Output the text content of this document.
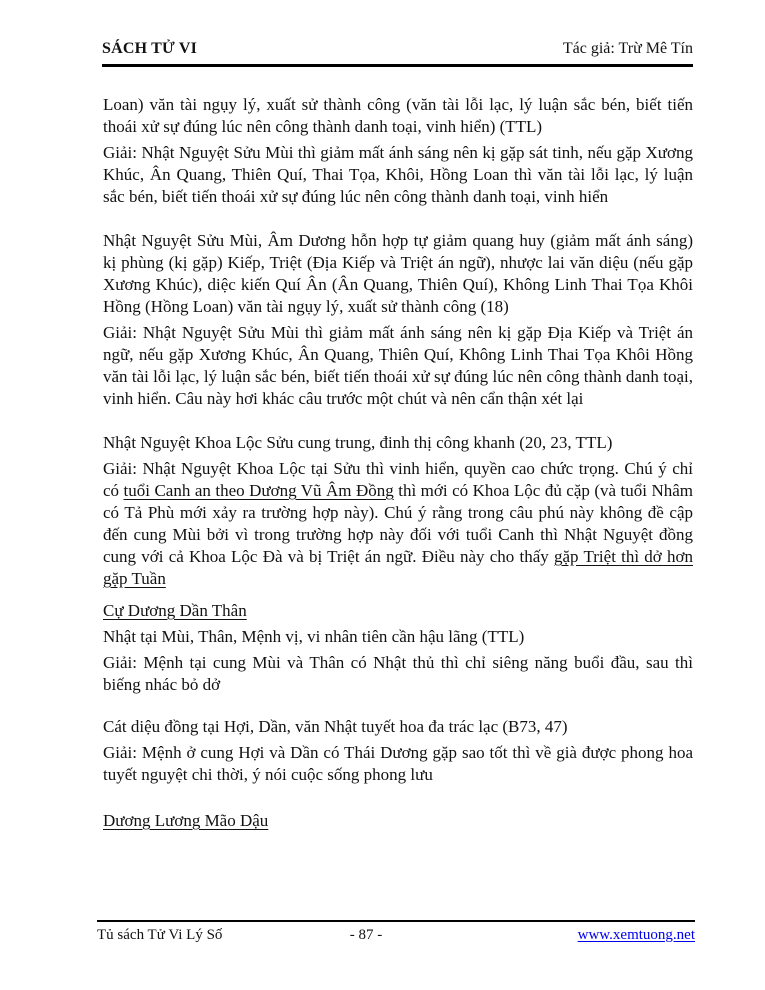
SÁCH TỬ VI	Tác giả: Trừ Mê Tín

Loan) văn tài ngụy lý, xuất sử thành công (văn tài lỗi lạc, lý luận sắc bén, biết tiến thoái xử sự đúng lúc nên công thành danh toại, vinh hiển) (TTL)

Giải: Nhật Nguyệt Sửu Mùi thì giảm mất ánh sáng nên kị gặp sát tinh, nếu gặp Xương Khúc, Ân Quang, Thiên Quí, Thai Tọa, Khôi, Hồng Loan thì văn tài lỗi lạc, lý luận sắc bén, biết tiến thoái xử sự đúng lúc nên công thành danh toại, vinh hiển

Nhật Nguyệt Sửu Mùi, Âm Dương hỗn hợp tự giảm quang huy (giảm mất ánh sáng) kị phùng (kị gặp) Kiếp, Triệt (Địa Kiếp và Triệt án ngữ), nhược lai văn diệu (nếu gặp Xương Khúc), diệc kiến Quí Ân (Ân Quang, Thiên Quí), Không Linh Thai Tọa Khôi Hồng (Hồng Loan) văn tài ngụy lý, xuất sử thành công (18)

Giải: Nhật Nguyệt Sửu Mùi thì giảm mất ánh sáng nên kị gặp Địa Kiếp và Triệt án ngữ, nếu gặp Xương Khúc, Ân Quang, Thiên Quí, Không Linh Thai Tọa Khôi Hồng văn tài lỗi lạc, lý luận sắc bén, biết tiến thoái xử sự đúng lúc nên công thành danh toại, vinh hiển. Câu này hơi khác câu trước một chút và nên cẩn thận xét lại

Nhật Nguyệt Khoa Lộc Sửu cung trung, đinh thị công khanh (20, 23, TTL)

Giải: Nhật Nguyệt Khoa Lộc tại Sửu thì vinh hiển, quyền cao chức trọng. Chú ý chỉ có tuổi Canh an theo Dương Vũ Âm Đồng thì mới có Khoa Lộc đủ cặp (và tuổi Nhâm có Tả Phù mới xảy ra trường hợp này). Chú ý rằng trong câu phú này không đề cập đến cung Mùi bởi vì trong trường hợp này đối với tuổi Canh thì Nhật Nguyệt đồng cung với cả Khoa Lộc Đà và bị Triệt án ngữ. Điều này cho thấy gặp Triệt thì dở hơn gặp Tuần

Cự Dương Dần Thân

Nhật tại Mùi, Thân, Mệnh vị, vi nhân tiên cần hậu lãng (TTL)

Giải: Mệnh tại cung Mùi và Thân có Nhật thủ thì chỉ siêng năng buổi đầu, sau thì biếng nhác bỏ dở

Cát diệu đồng tại Hợi, Dần, văn Nhật tuyết hoa đa trác lạc (B73, 47)

Giải: Mệnh ở cung Hợi và Dần có Thái Dương gặp sao tốt thì về già được phong hoa tuyết nguyệt chi thời, ý nói cuộc sống phong lưu

Dương Lương Mão Dậu

Tủ sách Tử Vi Lý Số	- 87 -	www.xemtuong.net
